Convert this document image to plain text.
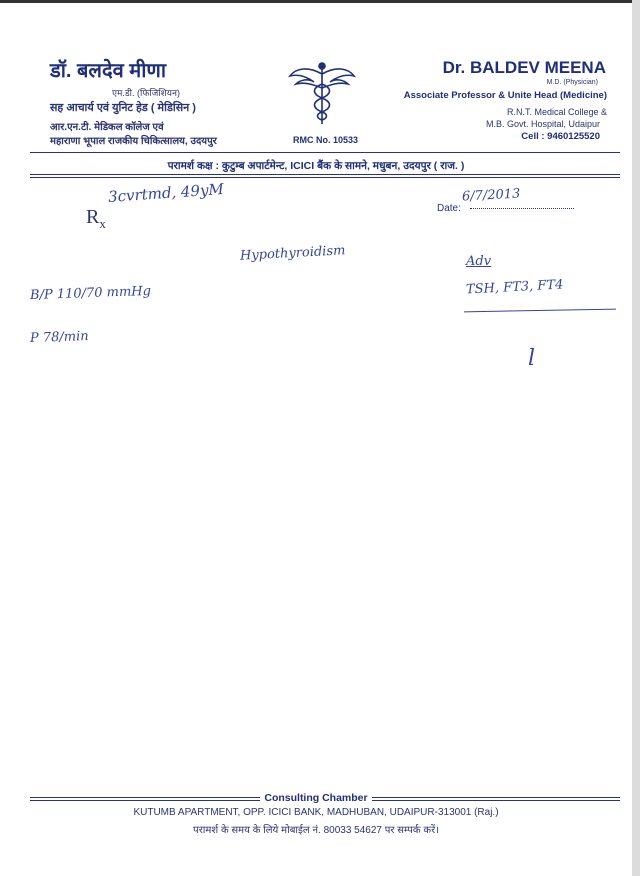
डॉ. बलदेव मीणा
एम.डी. (फिजिशियन)
सह आचार्य एवं युनिट हेड ( मेडिसिन )
आर.एन.टी. मेडिकल कॉलेज एवं
महाराणा भूपाल राजकीय चिकित्सालय, उदयपुर	RMC No. 10533
Dr. BALDEV MEENA
M.D. (Physician)
Associate Professor & Unite Head (Medicine)
R.N.T. Medical College &
M.B. Govt. Hospital, Udaipur
Cell : 9460125520
परामर्श कक्ष : कुटुम्ब अपार्टमेन्ट, ICICI बैंक के सामने, मधुबन, उदयपुर ( राज. )
$R_x$
Date:
3cvrtmd, 49yM	6/7/2013
Hypothyroidism
B/P 110/70 mmHg
P 78/min
Adv
TSH, FT3, FT4
l
Consulting Chamber
KUTUMB APARTMENT, OPP. ICICI BANK, MADHUBAN, UDAIPUR-313001 (Raj.)
परामर्श के समय के लिये मोबाईल नं. 80033 54627 पर सम्पर्क करें।
